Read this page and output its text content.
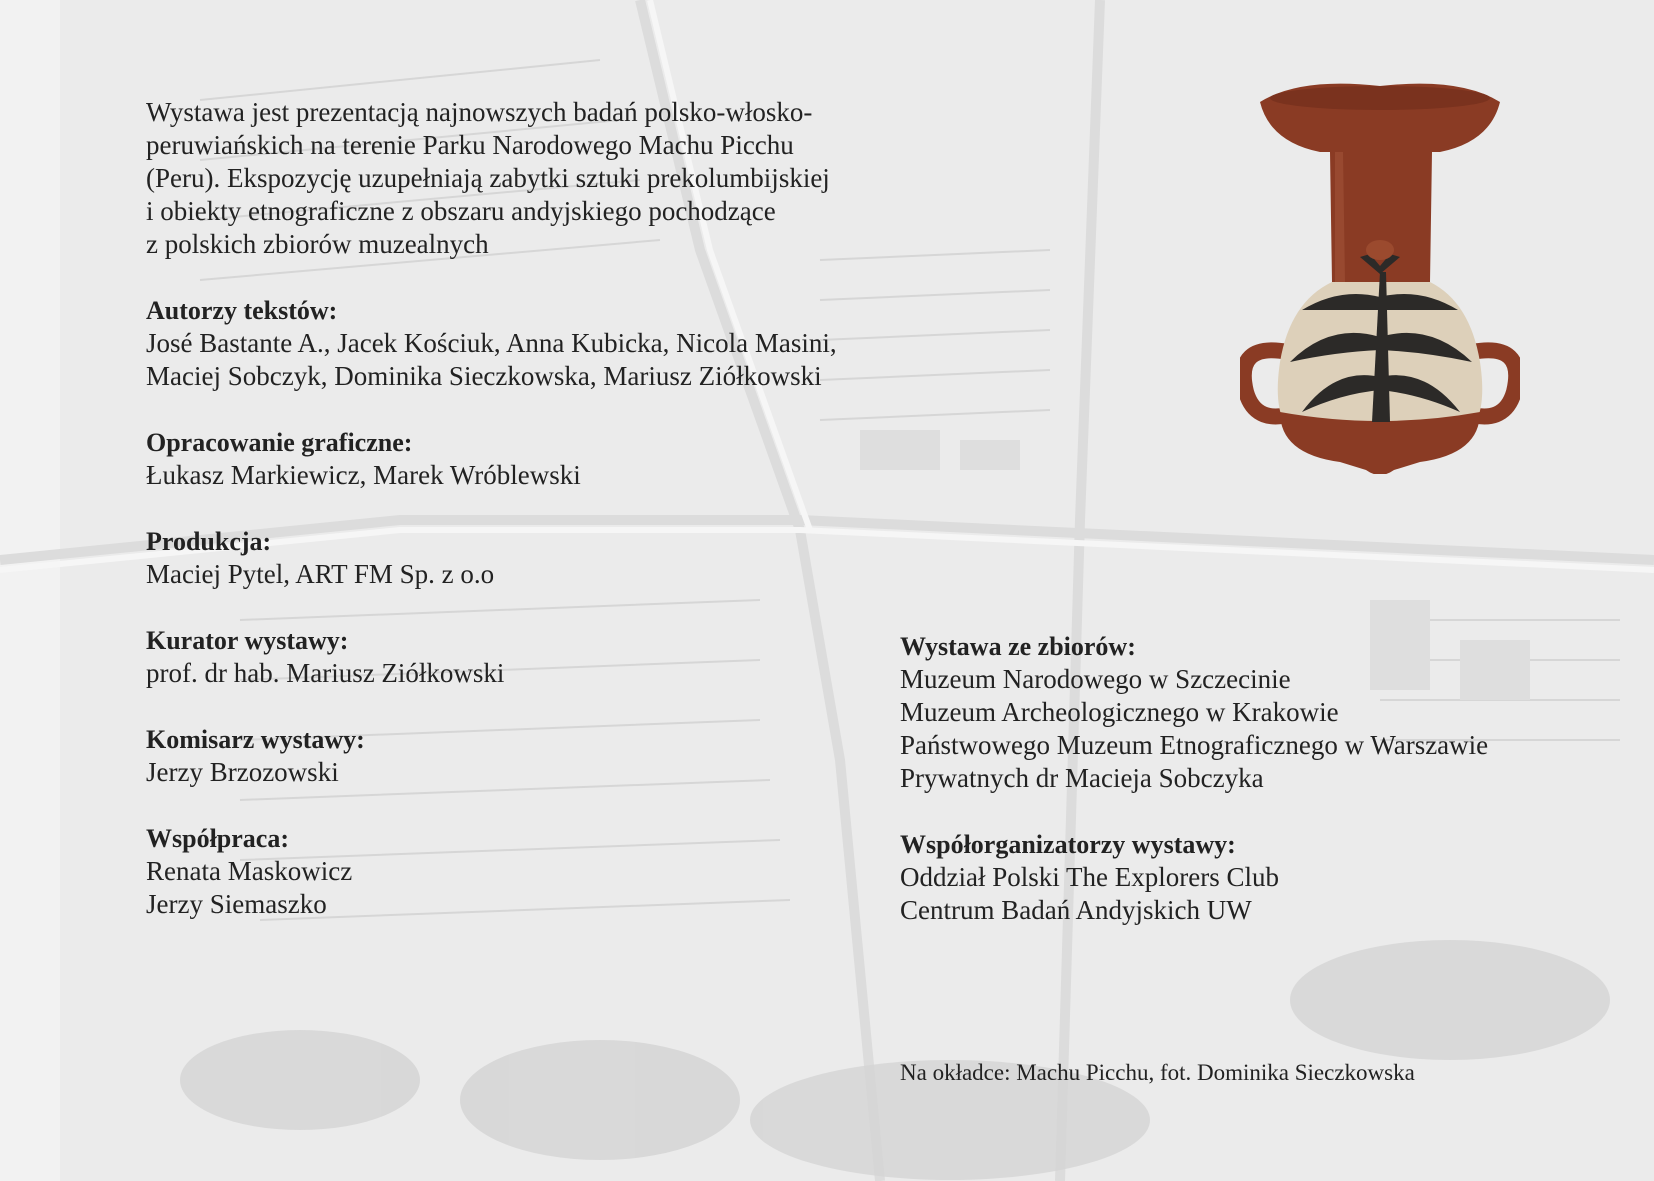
Wystawa jest prezentacją najnowszych badań polsko-włosko-

peruwiańskich na terenie Parku Narodowego Machu Picchu

(Peru). Ekspozycję uzupełniają zabytki sztuki prekolumbijskiej

i obiekty etnograficzne z obszaru andyjskiego pochodzące

z polskich zbiorów muzealnych

Autorzy tekstów:

José Bastante A., Jacek Kościuk, Anna Kubicka, Nicola Masini,

Maciej Sobczyk, Dominika Sieczkowska, Mariusz Ziółkowski

Opracowanie graficzne:

Łukasz Markiewicz, Marek Wróblewski

Produkcja:

Maciej Pytel, ART FM Sp. z o.o

Kurator wystawy:

prof. dr hab. Mariusz Ziółkowski

Komisarz wystawy:

Jerzy Brzozowski

Współpraca:

Renata Maskowicz

Jerzy Siemaszko

Wystawa ze zbiorów:

Muzeum Narodowego w Szczecinie

Muzeum Archeologicznego w Krakowie

Państwowego Muzeum Etnograficznego w Warszawie

Prywatnych dr Macieja Sobczyka

Współorganizatorzy wystawy:

Oddział Polski The Explorers Club

Centrum Badań Andyjskich UW

Na okładce: Machu Picchu, fot. Dominika Sieczkowska
